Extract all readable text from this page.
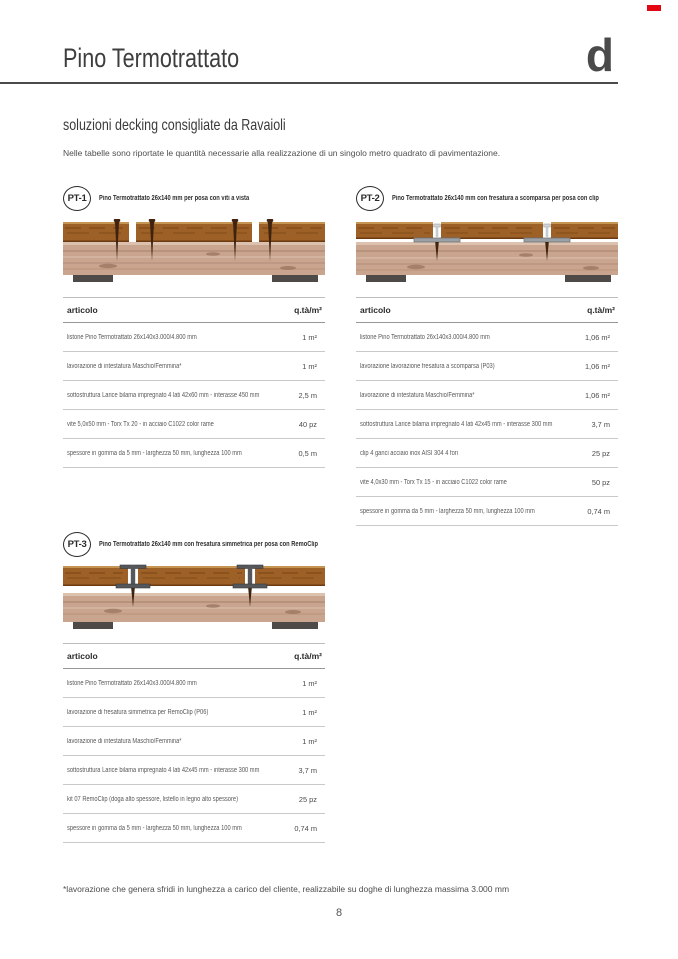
Pino Termotrattato	d
soluzioni decking consigliate da Ravaioli

Nelle tabelle sono riportate le quantità necessarie alla realizzazione di un singolo metro quadrato di pavimentazione.

PT-1	Pino Termotrattato 26x140 mm per posa con viti a vista
articolo	q.tà/m²
listone Pino Termotrattato 26x140x3.000/4.800 mm	1 m²
lavorazione di intestatura Maschio/Femmina*	1 m²
sottostruttura Larice bilama impregnato 4 lati 42x60 mm - interasse 450 mm	2,5 m
vite 5,0x50 mm - Torx Tx 20 - in acciaio C1022 color rame	40 pz
spessore in gomma da 5 mm - larghezza 50 mm, lunghezza 100 mm	0,5 m
PT-2	Pino Termotrattato 26x140 mm con fresatura a scomparsa per posa con clip
articolo	q.tà/m²
listone Pino Termotrattato 26x140x3.000/4.800 mm	1,06 m²
lavorazione lavorazione fresatura a scomparsa (P03)	1,06 m²
lavorazione di intestatura Maschio/Femmina*	1,06 m²
sottostruttura Larice bilama impregnato 4 lati 42x45 mm - interasse 300 mm	3,7 m
clip 4 ganci acciaio inox AISI 304 4 fori	25 pz
vite 4,0x30 mm - Torx Tx 15 - in acciaio C1022 color rame	50 pz
spessore in gomma da 5 mm - larghezza 50 mm, lunghezza 100 mm	0,74 m
PT-3	Pino Termotrattato 26x140 mm con fresatura simmetrica per posa con RemoClip
articolo	q.tà/m²
listone Pino Termotrattato 26x140x3.000/4.800 mm	1 m²
lavorazione di fresatura simmetrica per RemoClip (P06)	1 m²
lavorazione di intestatura Maschio/Femmina*	1 m²
sottostruttura Larice bilama impregnato 4 lati 42x45 mm - interasse 300 mm	3,7 m
kit 07 RemoClip (doga alto spessore, listello in legno alto spessore)	25 pz
spessore in gomma da 5 mm - larghezza 50 mm, lunghezza 100 mm	0,74 m

*lavorazione che genera sfridi in lunghezza a carico del cliente, realizzabile su doghe di lunghezza massima 3.000 mm

8
